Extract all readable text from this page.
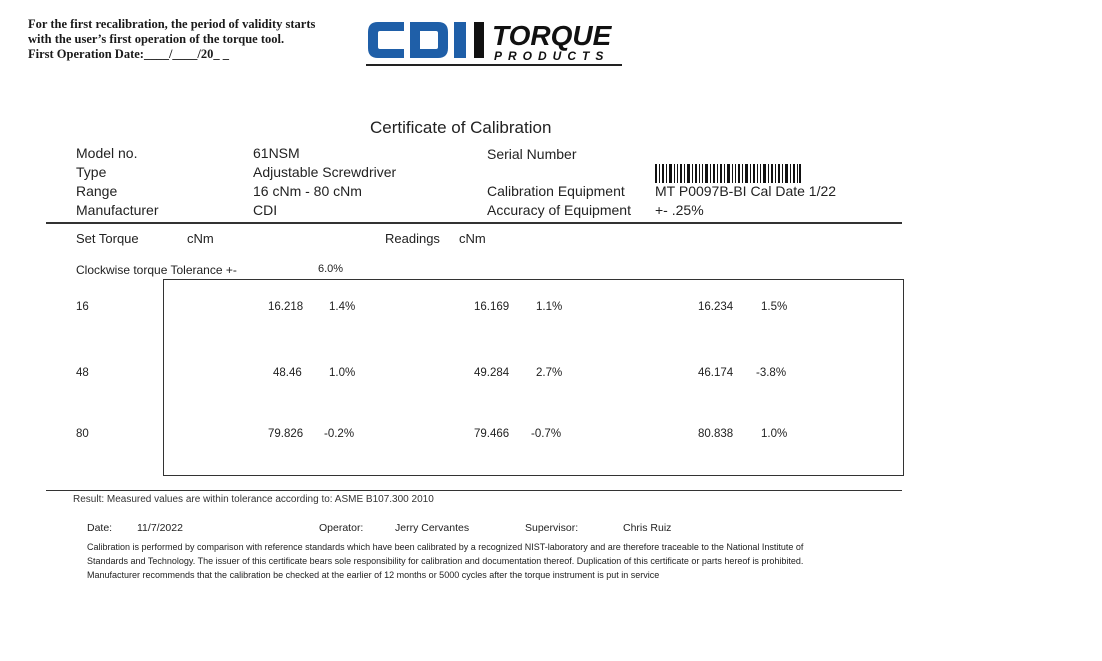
For the first recalibration, the period of validity starts
with the user’s first operation of the torque tool.
First Operation Date:____/____/20_ _
TORQUE
PRODUCTS
Certificate of Calibration
Model no.	61NSM
Type	Adjustable Screwdriver
Range	16 cNm - 80 cNm
Manufacturer	CDI
Serial Number
Calibration Equipment MT P0097B-BI Cal Date 1/22
Accuracy of Equipment +- .25%
Set Torque	cNm	Readings cNm
Clockwise torque Tolerance +-	6.0%
16	16.218 1.4%	16.169 1.1%	16.234 1.5%
48	48.46 1.0%	49.284 2.7%	46.174 -3.8%
80	79.826 -0.2%	79.466 -0.7%	80.838 1.0%
Result: Measured values are within tolerance according to: ASME B107.300 2010
Date: 11/7/2022	Operator:	Jerry Cervantes	Supervisor:	Chris Ruiz
Calibration is performed by comparison with reference standards which have been calibrated by a recognized NIST-laboratory and are therefore traceable to the National Institute of
Standards and Technology. The issuer of this certificate bears sole responsibility for calibration and documentation thereof. Duplication of this certificate or parts hereof is prohibited.
Manufacturer recommends that the calibration be checked at the earlier of 12 months or 5000 cycles after the torque instrument is put in service
